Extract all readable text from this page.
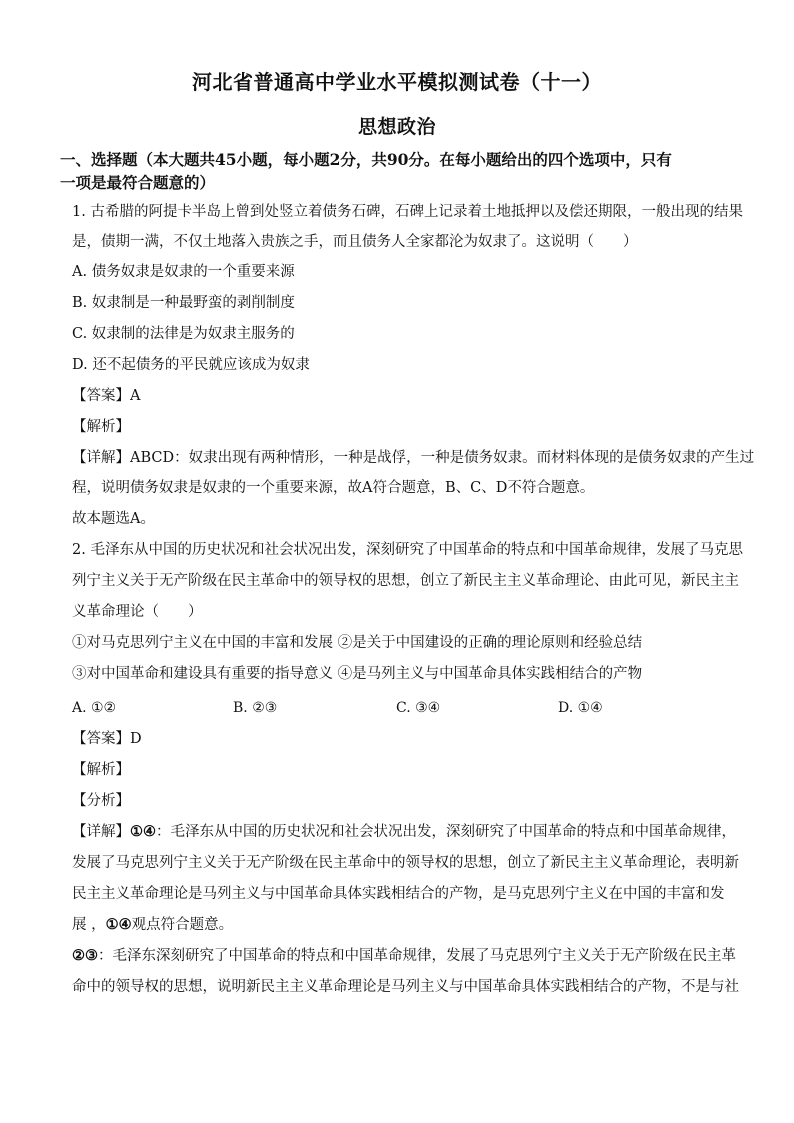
河北省普通高中学业水平模拟测试卷（十一）
思想政治
一、选择题（本大题共45小题，每小题2分，共90分。在每小题给出的四个选项中，只有
一项是最符合题意的）
1. 古希腊的阿提卡半岛上曾到处竖立着债务石碑，石碑上记录着土地抵押以及偿还期限，一般出现的结果
是，债期一满，不仅土地落入贵族之手，而且债务人全家都沦为奴隶了。这说明（　　）
A. 债务奴隶是奴隶的一个重要来源
B. 奴隶制是一种最野蛮的剥削制度
C. 奴隶制的法律是为奴隶主服务的
D. 还不起债务的平民就应该成为奴隶
【答案】A
【解析】
【详解】ABCD：奴隶出现有两种情形，一种是战俘，一种是债务奴隶。而材料体现的是债务奴隶的产生过
程，说明债务奴隶是奴隶的一个重要来源，故A符合题意，B、C、D不符合题意。
故本题选A。
2. 毛泽东从中国的历史状况和社会状况出发，深刻研究了中国革命的特点和中国革命规律，发展了马克思
列宁主义关于无产阶级在民主革命中的领导权的思想，创立了新民主主义革命理论、由此可见，新民主主
义革命理论（　　）
①对马克思列宁主义在中国的丰富和发展 ②是关于中国建设的正确的理论原则和经验总结
③对中国革命和建设具有重要的指导意义 ④是马列主义与中国革命具体实践相结合的产物
A. ①②	B. ②③	C. ③④	D. ①④
【答案】D
【解析】
【分析】
【详解】①④：毛泽东从中国的历史状况和社会状况出发，深刻研究了中国革命的特点和中国革命规律，
发展了马克思列宁主义关于无产阶级在民主革命中的领导权的思想，创立了新民主主义革命理论，表明新
民主主义革命理论是马列主义与中国革命具体实践相结合的产物，是马克思列宁主义在中国的丰富和发
展 ，①④观点符合题意。
②③：毛泽东深刻研究了中国革命的特点和中国革命规律，发展了马克思列宁主义关于无产阶级在民主革
命中的领导权的思想，说明新民主主义革命理论是马列主义与中国革命具体实践相结合的产物，不是与社
